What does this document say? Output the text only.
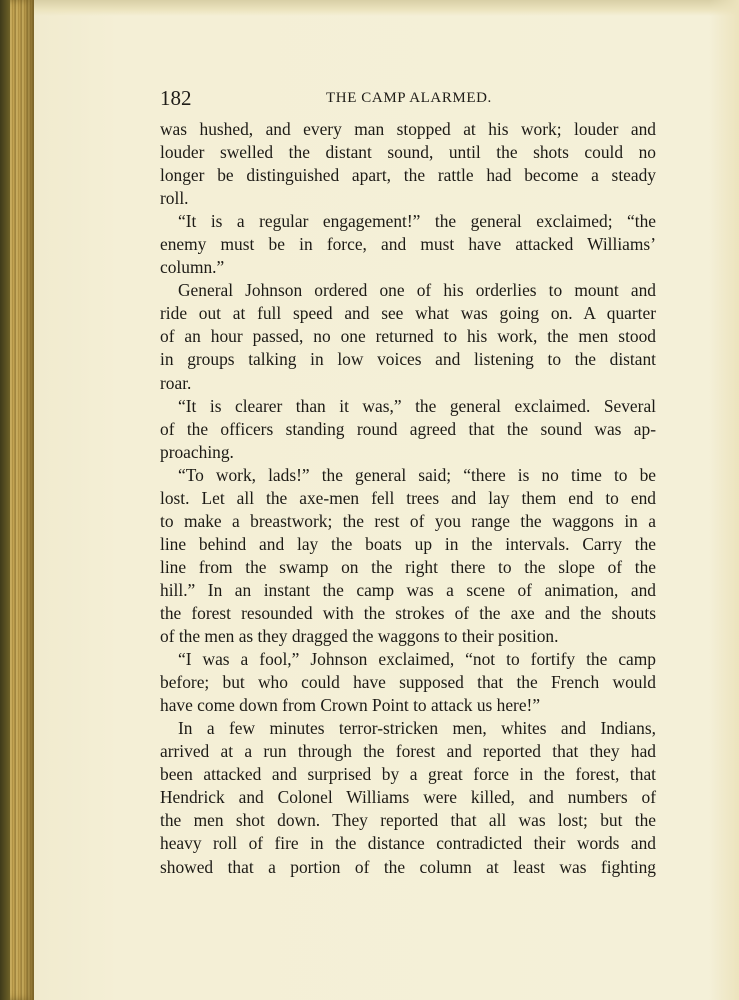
182	THE CAMP ALARMED.
was hushed, and every man stopped at his work; louder and
louder swelled the distant sound, until the shots could no
longer be distinguished apart, the rattle had become a steady
roll.
“It is a regular engagement!” the general exclaimed; “the
enemy must be in force, and must have attacked Williams’
column.”
General Johnson ordered one of his orderlies to mount and
ride out at full speed and see what was going on. A quarter
of an hour passed, no one returned to his work, the men stood
in groups talking in low voices and listening to the distant
roar.
“It is clearer than it was,” the general exclaimed. Several
of the officers standing round agreed that the sound was ap-
proaching.
“To work, lads!” the general said; “there is no time to be
lost. Let all the axe-men fell trees and lay them end to end
to make a breastwork; the rest of you range the waggons in a
line behind and lay the boats up in the intervals. Carry the
line from the swamp on the right there to the slope of the
hill.” In an instant the camp was a scene of animation, and
the forest resounded with the strokes of the axe and the shouts
of the men as they dragged the waggons to their position.
“I was a fool,” Johnson exclaimed, “not to fortify the camp
before; but who could have supposed that the French would
have come down from Crown Point to attack us here!”
In a few minutes terror-stricken men, whites and Indians,
arrived at a run through the forest and reported that they had
been attacked and surprised by a great force in the forest, that
Hendrick and Colonel Williams were killed, and numbers of
the men shot down. They reported that all was lost; but the
heavy roll of fire in the distance contradicted their words and
showed that a portion of the column at least was fighting
